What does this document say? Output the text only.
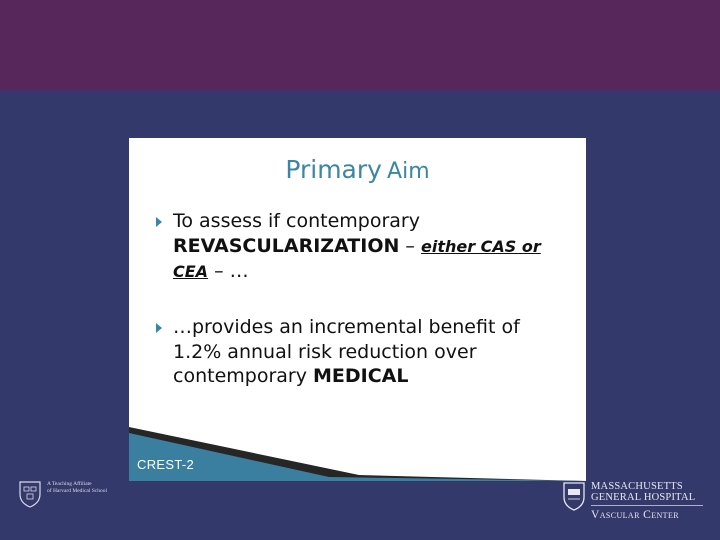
Primary Aim
To assess if contemporary
REVASCULARIZATION – either CAS or
CEA – …
…provides an incremental benefit of 1.2% annual risk reduction over contemporary MEDICAL
CREST-2
A Teaching Affiliate
of Harvard Medical School	MASSACHUSETTS
GENERAL HOSPITAL
Vascular Center
